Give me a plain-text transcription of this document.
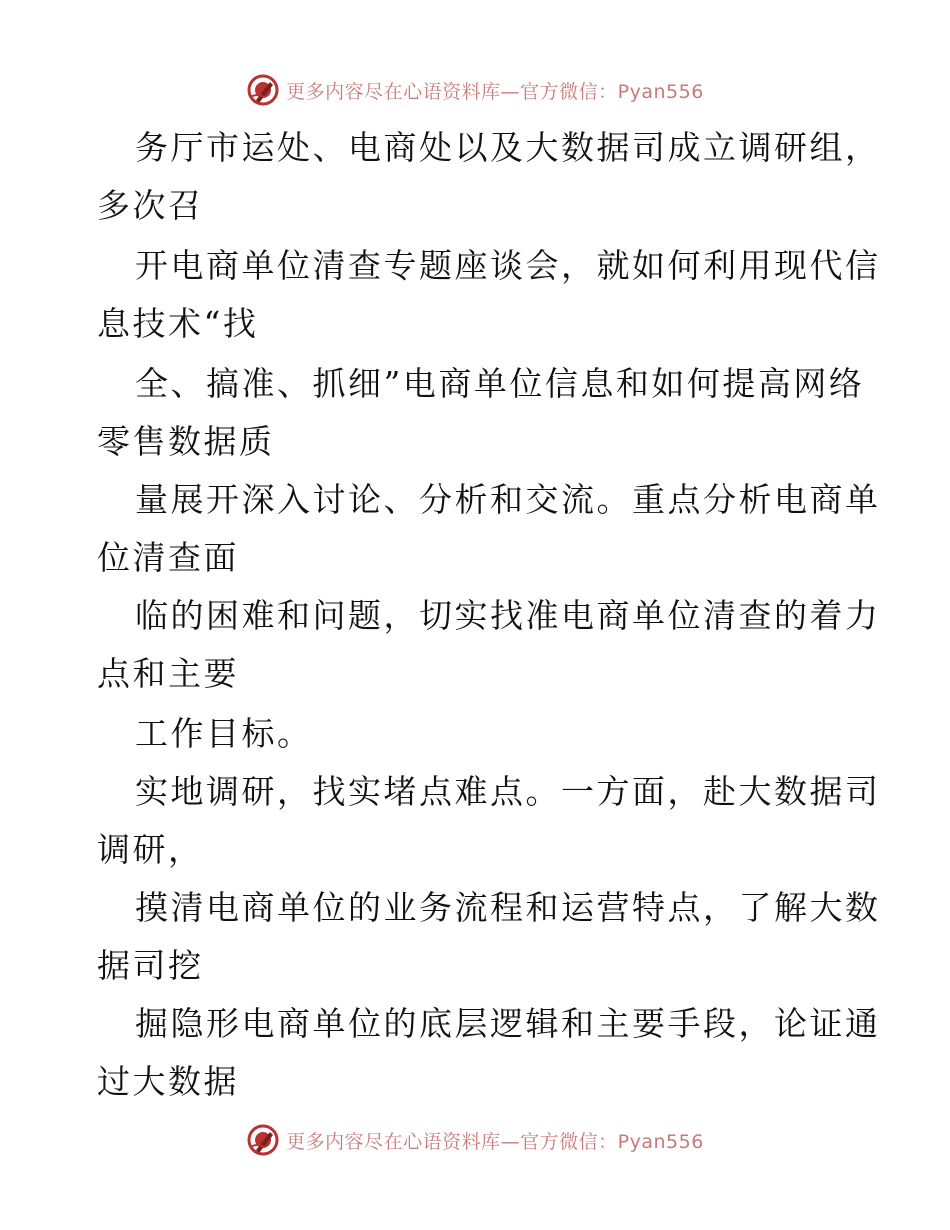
更多内容尽在心语资料库—官方微信：Pyan556
务厅市运处、电商处以及大数据司成立调研组，
多次召
开电商单位清查专题座谈会，就如何利用现代信
息技术“找
全、搞准、抓细”电商单位信息和如何提高网络
零售数据质
量展开深入讨论、分析和交流。重点分析电商单
位清查面
临的困难和问题，切实找准电商单位清查的着力
点和主要
工作目标。
实地调研，找实堵点难点。一方面，赴大数据司
调研，
摸清电商单位的业务流程和运营特点，了解大数
据司挖
掘隐形电商单位的底层逻辑和主要手段，论证通
过大数据
更多内容尽在心语资料库—官方微信：Pyan556
